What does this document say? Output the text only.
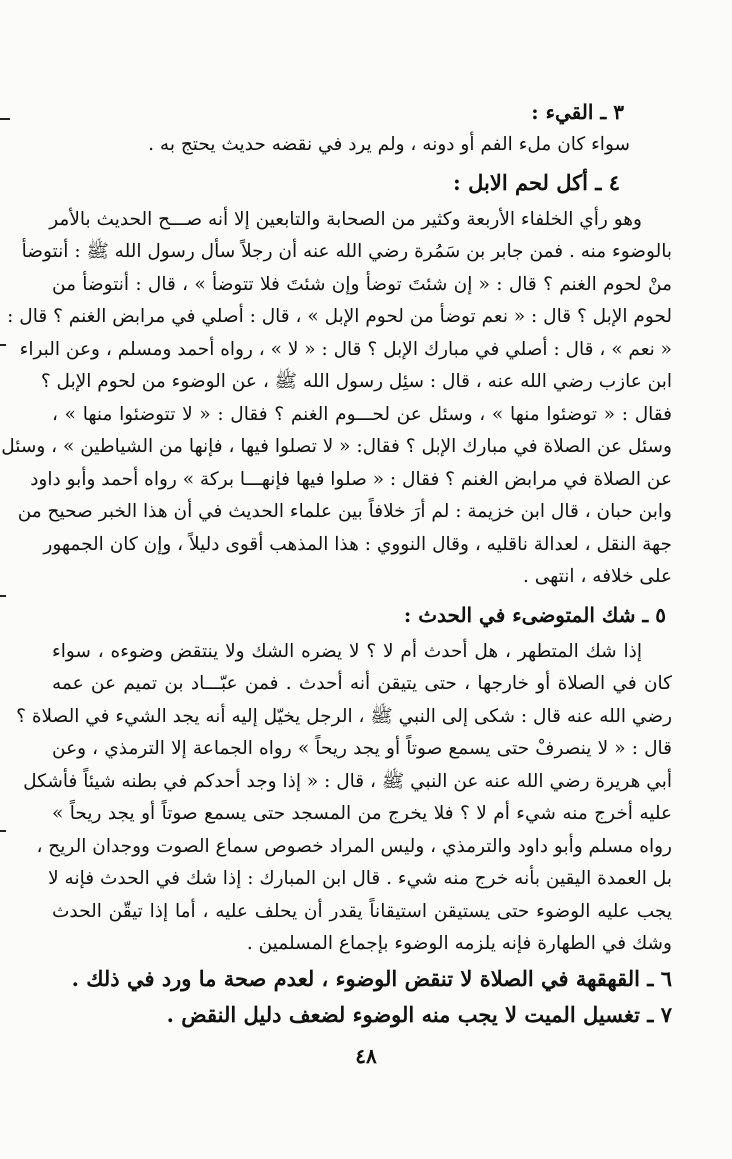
٣ ـ القيء :
سواء كان ملء الفم أو دونه ، ولم يرد في نقضه حديث يحتج به .
٤ ـ أكل لحم الابل :
وهو رأي الخلفاء الأربعة وكثير من الصحابة والتابعين إلا أنه صـــح الحديث بالأمر
بالوضوء منه . فمن جابر بن سَمُرة رضي الله عنه أن رجلاً سأل رسول الله ﷺ : أنتوضأ
منْ لحوم الغنم ؟ قال : « إن شئتَ توضأ وإن شئتَ فلا تتوضأ » ، قال : أنتوضأ من
لحوم الإبل ؟ قال : « نعم توضأ من لحوم الإبل » ، قال : أصلي في مرابض الغنم ؟ قال :
« نعم » ، قال : أصلي في مبارك الإبل ؟ قال : « لا » ، رواه أحمد ومسلم ، وعن البراء
ابن عازب رضي الله عنه ، قال : سئِل رسول الله ﷺ ، عن الوضوء من لحوم الإبل ؟
فقال : « توضئوا منها » ، وسئل عن لحـــوم الغنم ؟ فقال : « لا تتوضئوا منها » ،
وسئل عن الصلاة في مبارك الإبل ؟ فقال: « لا تصلوا فيها ، فإنها من الشياطين » ، وسئل
عن الصلاة في مرابض الغنم ؟ فقال : « صلوا فيها فإنهـــا بركة » رواه أحمد وأبو داود
وابن حبان ، قال ابن خزيمة : لم أرَ خلافاً بين علماء الحديث في أن هذا الخبر صحيح من
جهة النقل ، لعدالة ناقليه ، وقال النووي : هذا المذهب أقوى دليلاً ، وإن كان الجمهور
على خلافه ، انتهى .
٥ ـ شك المتوضىء في الحدث :
إذا شك المتطهر ، هل أحدث أم لا ؟ لا يضره الشك ولا ينتقض وضوءه ، سواء
كان في الصلاة أو خارجها ، حتى يتيقن أنه أحدث . فمن عبّـــاد بن تميم عن عمه
رضي الله عنه قال : شكى إلى النبي ﷺ ، الرجل يخيّل إليه أنه يجد الشيء في الصلاة ؟
قال : « لا ينصرفْ حتى يسمع صوتاً أو يجد ريحاً » رواه الجماعة إلا الترمذي ، وعن
أبي هريرة رضي الله عنه عن النبي ﷺ ، قال : « إذا وجد أحدكم في بطنه شيئاً فأشكل
عليه أخرج منه شيء أم لا ؟ فلا يخرج من المسجد حتى يسمع صوتاً أو يجد ريحاً »
رواه مسلم وأبو داود والترمذي ، وليس المراد خصوص سماع الصوت ووجدان الريح ،
بل العمدة اليقين بأنه خرج منه شيء . قال ابن المبارك : إذا شك في الحدث فإنه لا
يجب عليه الوضوء حتى يستيقن استيقاناً يقدر أن يحلف عليه ، أما إذا تيقّن الحدث
وشك في الطهارة فإنه يلزمه الوضوء بإجماع المسلمين .
٦ ـ القهقهة في الصلاة لا تنقض الوضوء ، لعدم صحة ما ورد في ذلك .
٧ ـ تغسيل الميت لا يجب منه الوضوء لضعف دليل النقض .
٤٨
